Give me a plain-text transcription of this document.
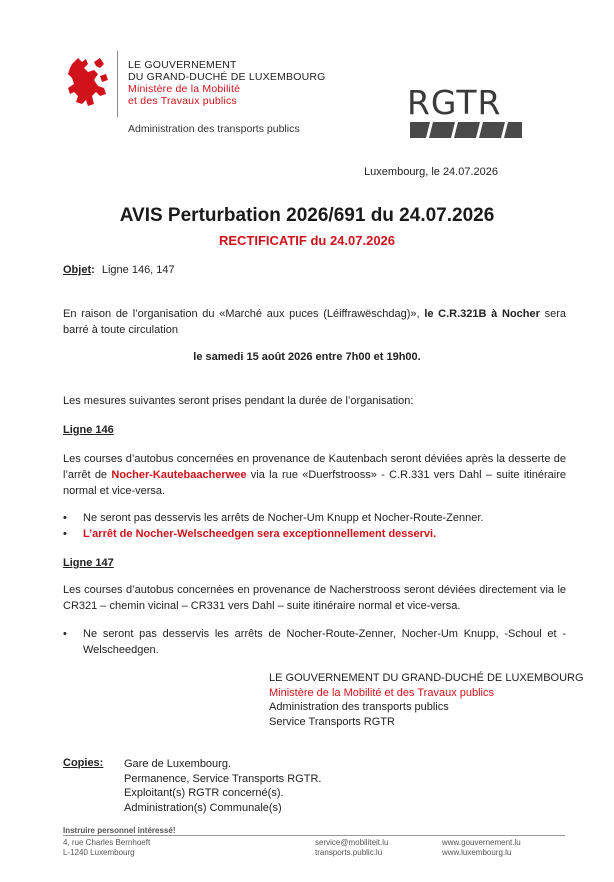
LE GOUVERNEMENT
DU GRAND-DUCHÉ DE LUXEMBOURG
Ministère de la Mobilité
et des Travaux publics
Administration des transports publics
RGTR
Luxembourg, le 24.07.2026
AVIS Perturbation 2026/691 du 24.07.2026
RECTIFICATIF du 24.07.2026
Objet: Ligne 146, 147
En raison de l’organisation du «Marché aux puces (Léiffrawëschdag)», le C.R.321B à Nocher sera barré à toute circulation
le samedi 15 août 2026 entre 7h00 et 19h00.
Les mesures suivantes seront prises pendant la durée de l’organisation:
Ligne 146
Les courses d’autobus concernées en provenance de Kautenbach seront déviées après la desserte de l’arrêt de Nocher-Kautebaacherwee via la rue «Duerfstrooss» - C.R.331 vers Dahl – suite itinéraire normal et vice-versa.
• Ne seront pas desservis les arrêts de Nocher-Um Knupp et Nocher-Route-Zenner.
• L’arrêt de Nocher-Welscheedgen sera exceptionnellement desservi.
Ligne 147
Les courses d’autobus concernées en provenance de Nacherstrooss seront déviées directement via le CR321 – chemin vicinal – CR331 vers Dahl – suite itinéraire normal et vice-versa.
• Ne seront pas desservis les arrêts de Nocher-Route-Zenner, Nocher-Um Knupp, -Schoul et -Welscheedgen.
LE GOUVERNEMENT DU GRAND-DUCHÉ DE LUXEMBOURG
Ministère de la Mobilité et des Travaux publics
Administration des transports publics
Service Transports RGTR
Copies: Gare de Luxembourg.
Permanence, Service Transports RGTR.
Exploitant(s) RGTR concerné(s).
Administration(s) Communale(s)
Instruire personnel intéressé!
4, rue Charles Bernhoeft
L-1240 Luxembourg
service@mobiliteit.lu
transports.public.lu
www.gouvernement.lu
www.luxembourg.lu
